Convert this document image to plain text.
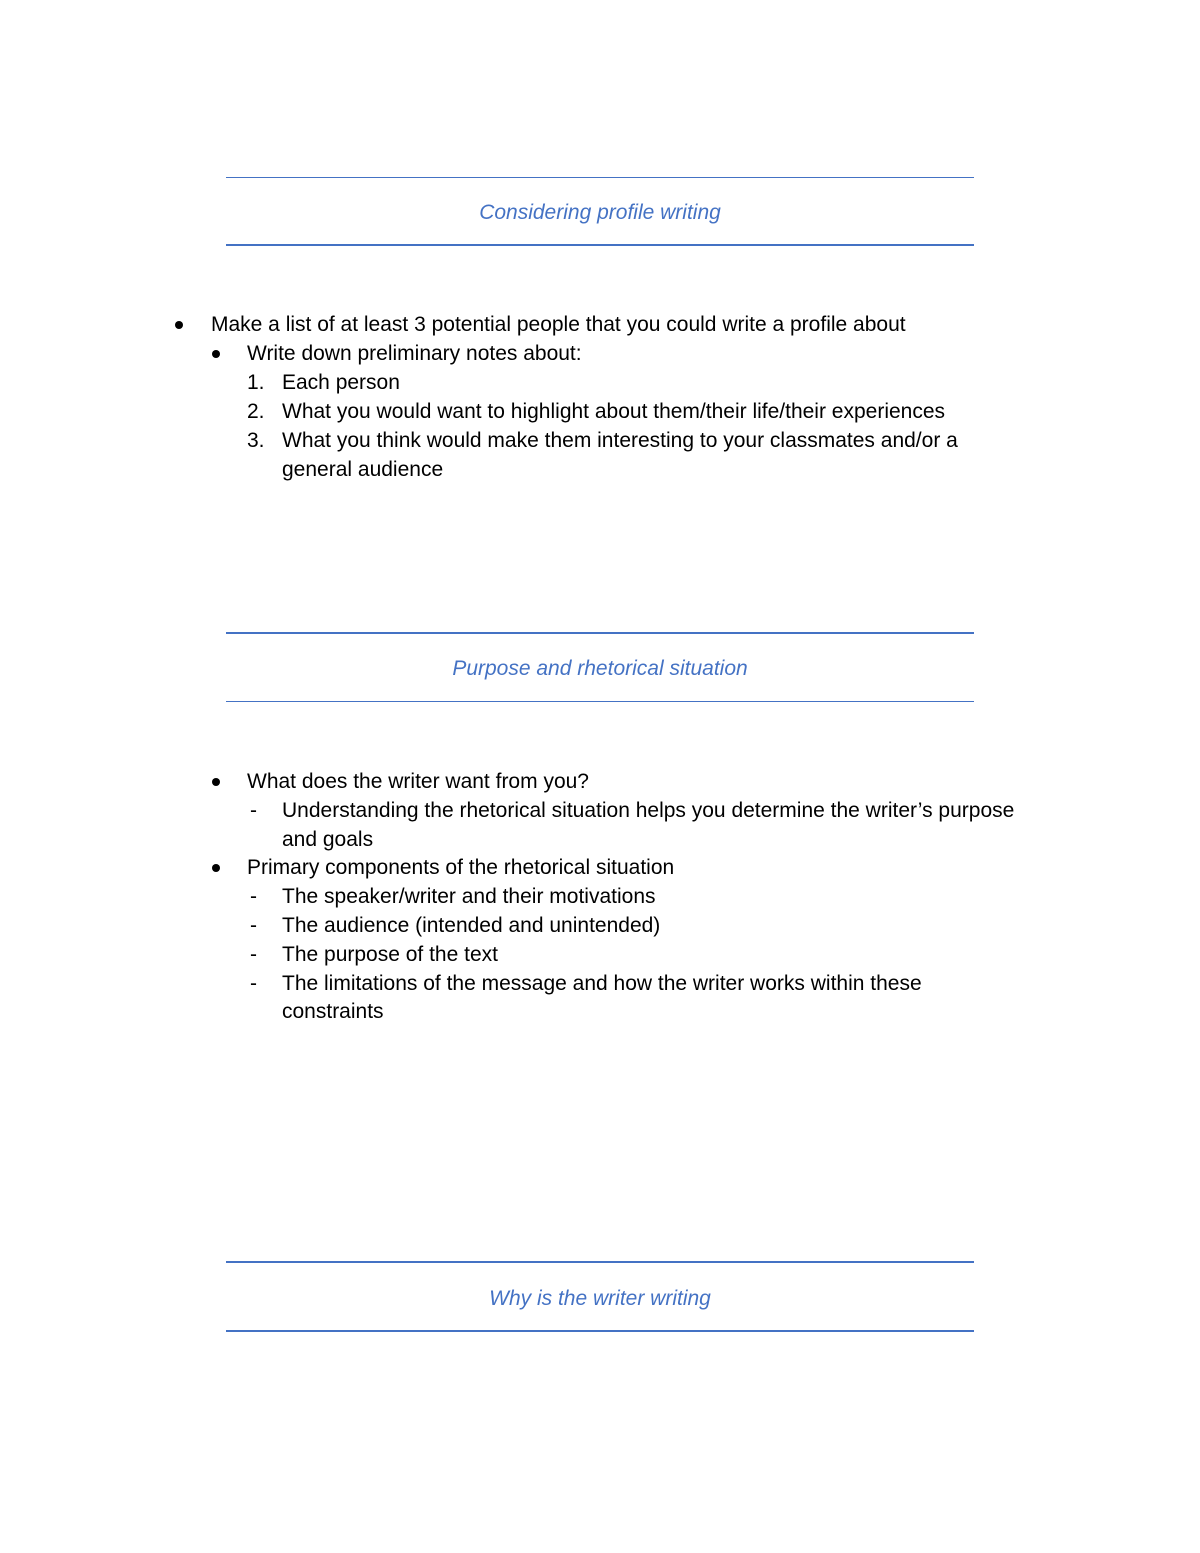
Considering profile writing
Make a list of at least 3 potential people that you could write a profile about
Write down preliminary notes about:
1. Each person
2. What you would want to highlight about them/their life/their experiences
3. What you think would make them interesting to your classmates and/or a
general audience
Purpose and rhetorical situation
What does the writer want from you?
- Understanding the rhetorical situation helps you determine the writer’s purpose
and goals
Primary components of the rhetorical situation
- The speaker/writer and their motivations
- The audience (intended and unintended)
- The purpose of the text
- The limitations of the message and how the writer works within these
constraints
Why is the writer writing
